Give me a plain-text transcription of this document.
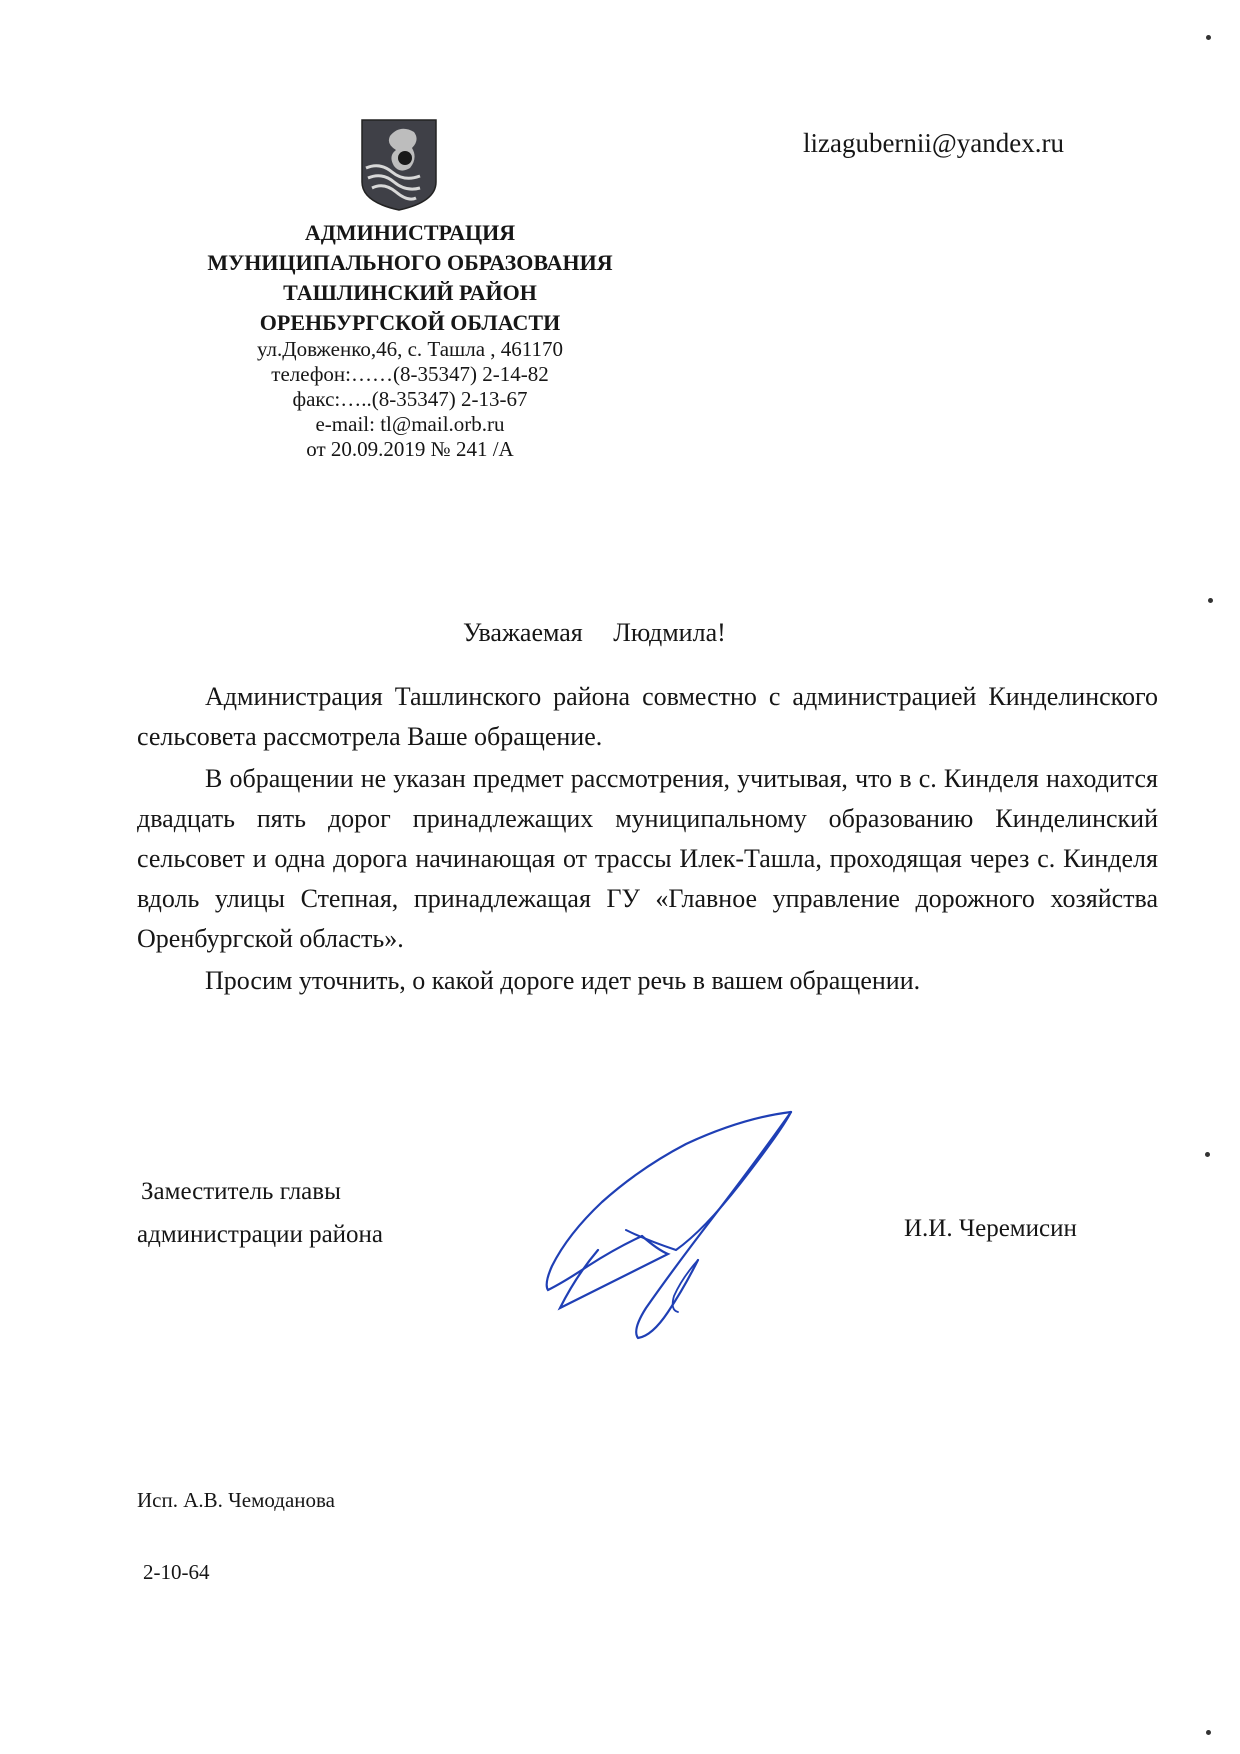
lizagubernii@yandex.ru
АДМИНИСТРАЦИЯ
МУНИЦИПАЛЬНОГО ОБРАЗОВАНИЯ
ТАШЛИНСКИЙ РАЙОН
ОРЕНБУРГСКОЙ ОБЛАСТИ
ул.Довженко,46, с. Ташла , 461170
телефон:……(8-35347) 2-14-82
факс:…..(8-35347) 2-13-67
e-mail: tl@mail.orb.ru
от 20.09.2019 № 241 /А
Уважаемая Людмила!

Администрация Ташлинского района совместно с администрацией Кинделинского сельсовета рассмотрела Ваше обращение.

В обращении не указан предмет рассмотрения, учитывая, что в с. Кинделя находится двадцать пять дорог принадлежащих муниципальному образованию Кинделинский сельсовет и одна дорога начинающая от трассы Илек-Ташла, проходящая через с. Кинделя вдоль улицы Степная, принадлежащая ГУ «Главное управление дорожного хозяйства Оренбургской область».

Просим уточнить, о какой дороге идет речь в вашем обращении.

Заместитель главы
администрации района	И.И. Черемисин
Исп. А.В. Чемоданова
2-10-64
